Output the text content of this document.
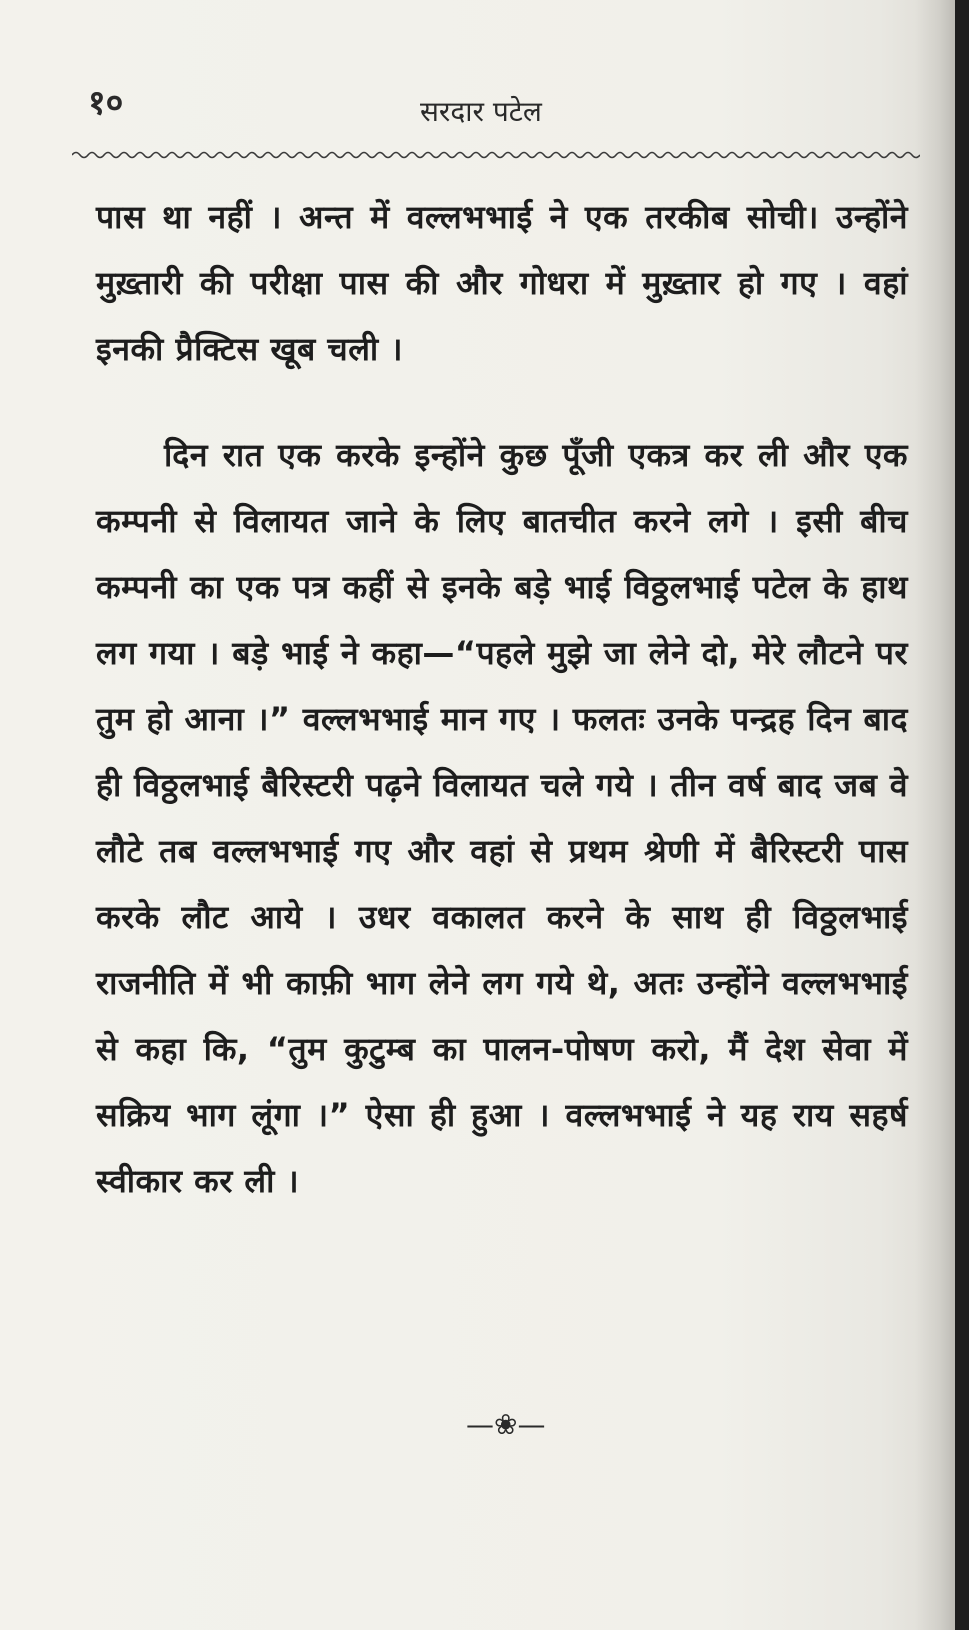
१०	सरदार पटेल

पास था नहीं । अन्त में वल्लभभाई ने एक तरकीब सोची। उन्होंने मुख़्तारी की परीक्षा पास की और गोधरा में मुख़्तार हो गए । वहां इनकी प्रैक्टिस खूब चली ।

दिन रात एक करके इन्होंने कुछ पूँजी एकत्र कर ली और एक कम्पनी से विलायत जाने के लिए बातचीत करने लगे । इसी बीच कम्पनी का एक पत्र कहीं से इनके बड़े भाई विठ्ठलभाई पटेल के हाथ लग गया । बड़े भाई ने कहा—“पहले मुझे जा लेने दो, मेरे लौटने पर तुम हो आना ।” वल्लभभाई मान गए । फलतः उनके पन्द्रह दिन बाद ही विठ्ठलभाई बैरिस्टरी पढ़ने विलायत चले गये । तीन वर्ष बाद जब वे लौटे तब वल्लभभाई गए और वहां से प्रथम श्रेणी में बैरिस्टरी पास करके लौट आये । उधर वकालत करने के साथ ही विठ्ठलभाई राजनीति में भी काफ़ी भाग लेने लग गये थे, अतः उन्होंने वल्लभभाई से कहा कि, “तुम कुटुम्ब का पालन-पोषण करो, मैं देश सेवा में सक्रिय भाग लूंगा ।” ऐसा ही हुआ । वल्लभभाई ने यह राय सहर्ष स्वीकार कर ली ।

—❀—
